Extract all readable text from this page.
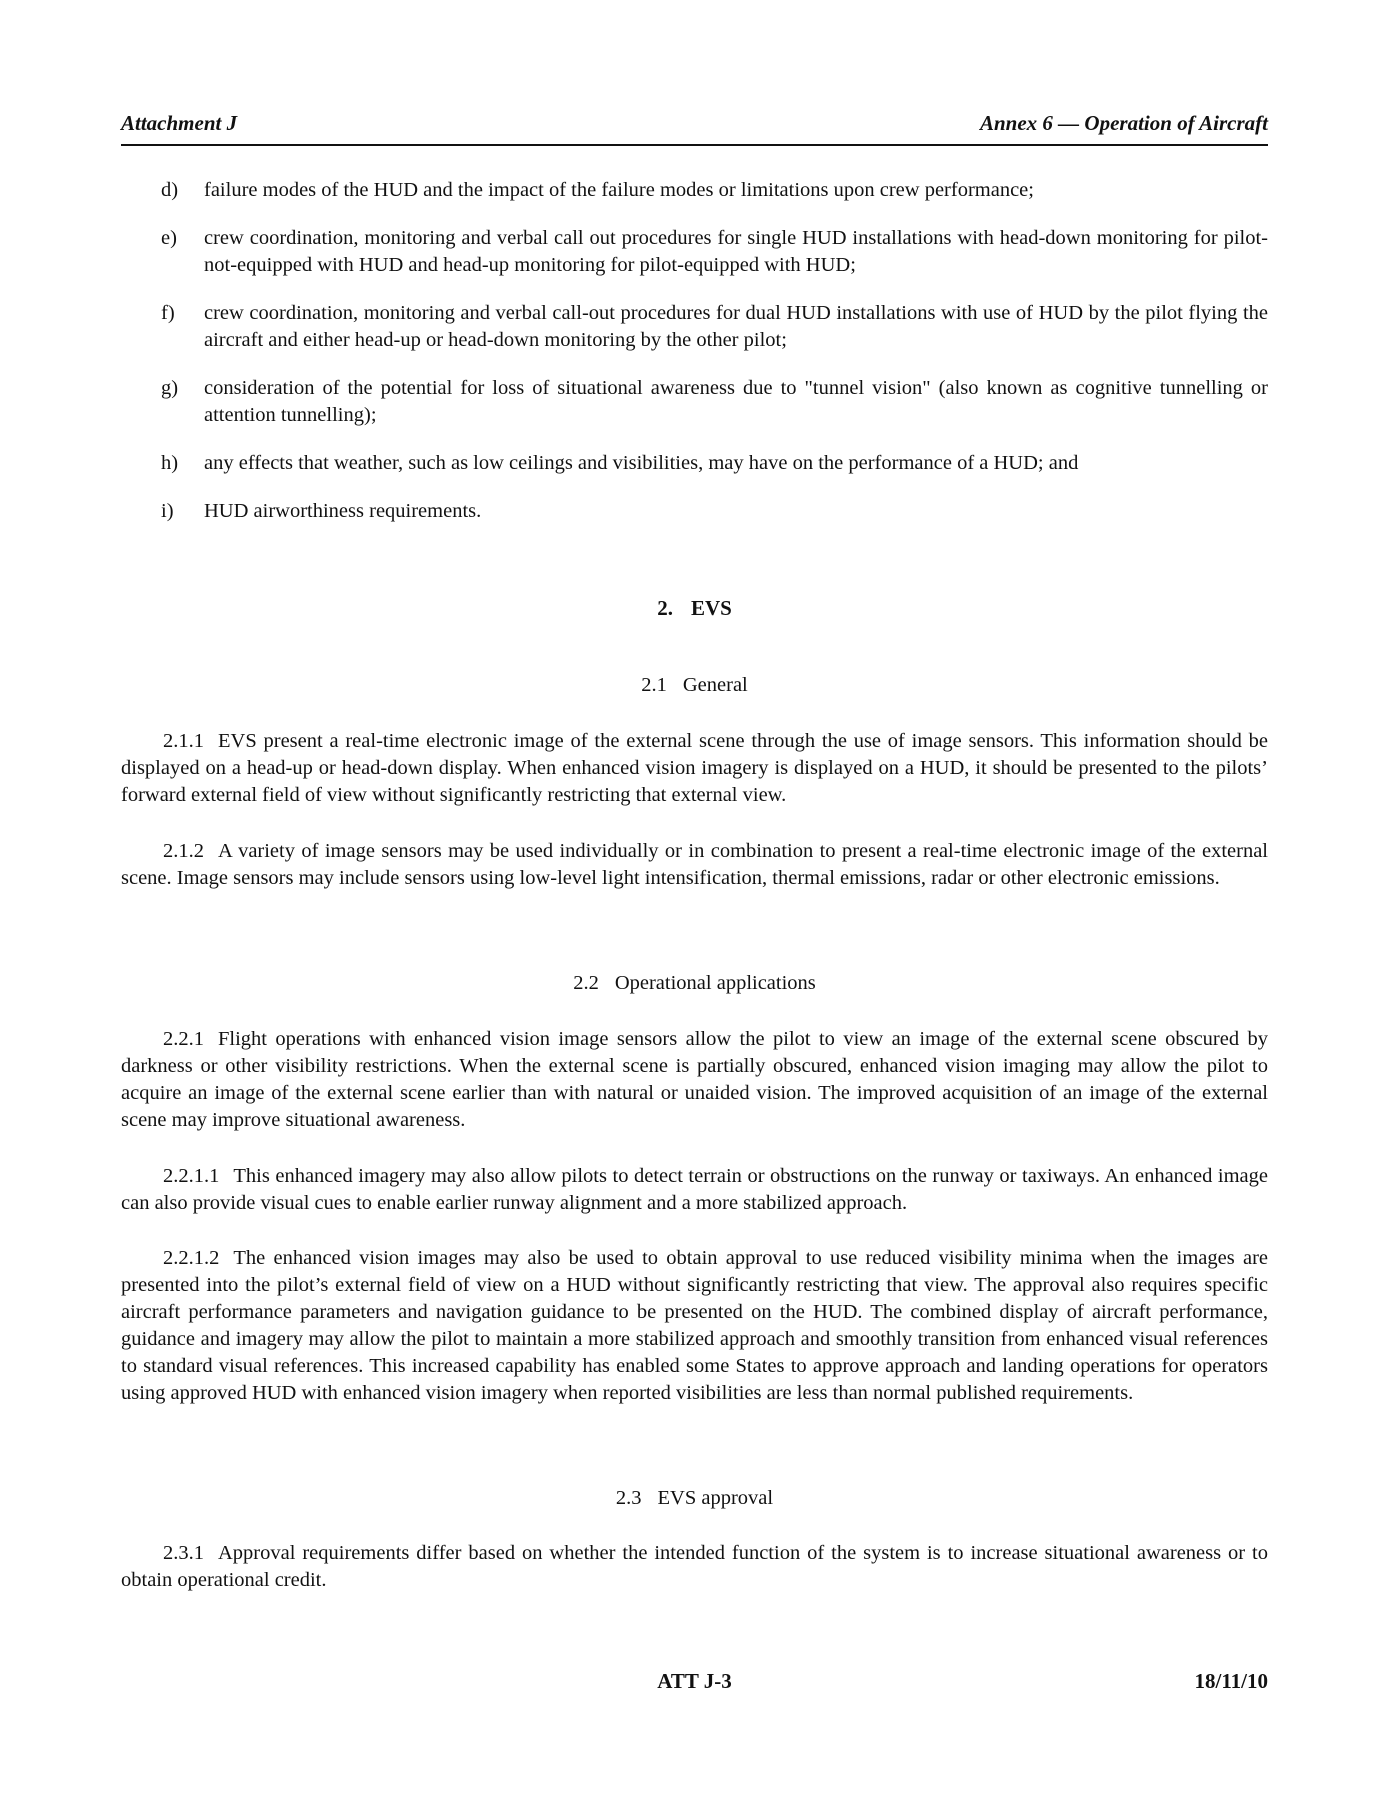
Attachment J	Annex 6 — Operation of Aircraft
d) failure modes of the HUD and the impact of the failure modes or limitations upon crew performance;
e) crew coordination, monitoring and verbal call out procedures for single HUD installations with head-down monitoring for pilot-not-equipped with HUD and head-up monitoring for pilot-equipped with HUD;
f) crew coordination, monitoring and verbal call-out procedures for dual HUD installations with use of HUD by the pilot flying the aircraft and either head-up or head-down monitoring by the other pilot;
g) consideration of the potential for loss of situational awareness due to "tunnel vision" (also known as cognitive tunnelling or attention tunnelling);
h) any effects that weather, such as low ceilings and visibilities, may have on the performance of a HUD; and
i) HUD airworthiness requirements.
2. EVS
2.1 General
2.1.1 EVS present a real-time electronic image of the external scene through the use of image sensors. This information should be displayed on a head-up or head-down display. When enhanced vision imagery is displayed on a HUD, it should be presented to the pilots’ forward external field of view without significantly restricting that external view.
2.1.2 A variety of image sensors may be used individually or in combination to present a real-time electronic image of the external scene. Image sensors may include sensors using low-level light intensification, thermal emissions, radar or other electronic emissions.
2.2 Operational applications
2.2.1 Flight operations with enhanced vision image sensors allow the pilot to view an image of the external scene obscured by darkness or other visibility restrictions. When the external scene is partially obscured, enhanced vision imaging may allow the pilot to acquire an image of the external scene earlier than with natural or unaided vision. The improved acquisition of an image of the external scene may improve situational awareness.
2.2.1.1 This enhanced imagery may also allow pilots to detect terrain or obstructions on the runway or taxiways. An enhanced image can also provide visual cues to enable earlier runway alignment and a more stabilized approach.
2.2.1.2 The enhanced vision images may also be used to obtain approval to use reduced visibility minima when the images are presented into the pilot’s external field of view on a HUD without significantly restricting that view. The approval also requires specific aircraft performance parameters and navigation guidance to be presented on the HUD. The combined display of aircraft performance, guidance and imagery may allow the pilot to maintain a more stabilized approach and smoothly transition from enhanced visual references to standard visual references. This increased capability has enabled some States to approve approach and landing operations for operators using approved HUD with enhanced vision imagery when reported visibilities are less than normal published requirements.
2.3 EVS approval
2.3.1 Approval requirements differ based on whether the intended function of the system is to increase situational awareness or to obtain operational credit.
ATT J-3	18/11/10
